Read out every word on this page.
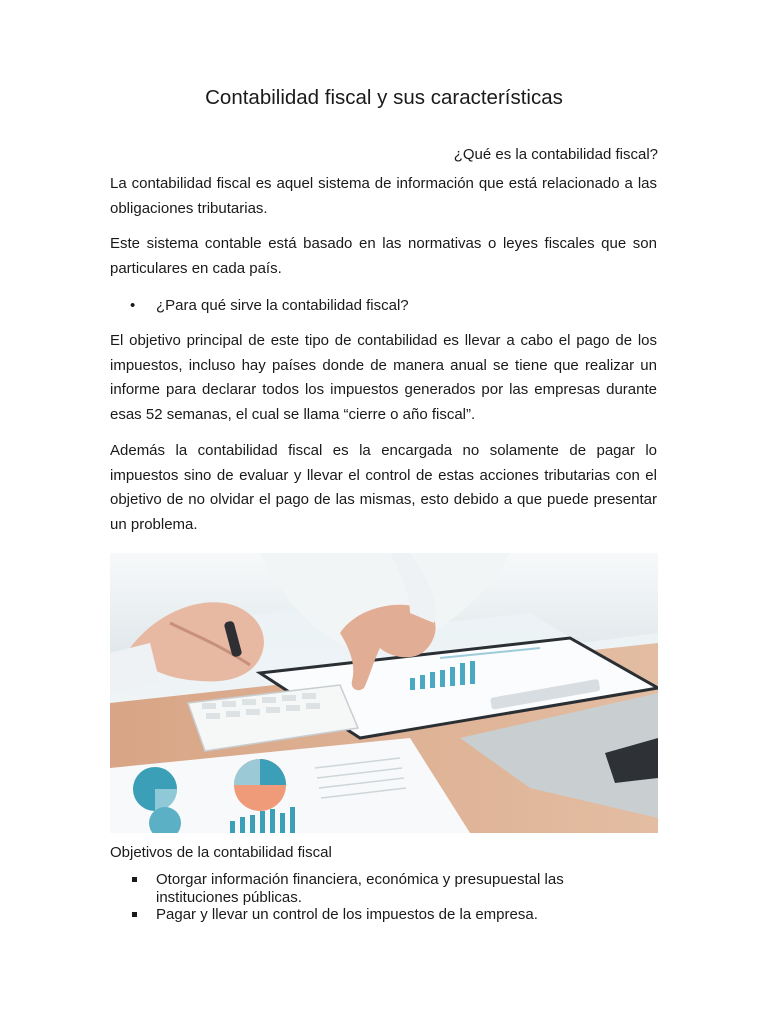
Contabilidad fiscal y sus características
¿Qué es la contabilidad fiscal?
La contabilidad fiscal es aquel sistema de información que está relacionado a las obligaciones tributarias.
Este sistema contable está basado en las normativas o leyes fiscales que son particulares en cada país.
• ¿Para qué sirve la contabilidad fiscal?
El objetivo principal de este tipo de contabilidad es llevar a cabo el pago de los impuestos, incluso hay países donde de manera anual se tiene que realizar un informe para declarar todos los impuestos generados por las empresas durante esas 52 semanas, el cual se llama “cierre o año fiscal”.
Además la contabilidad fiscal es la encargada no solamente de pagar lo impuestos sino de evaluar y llevar el control de estas acciones tributarias con el objetivo de no olvidar el pago de las mismas, esto debido a que puede presentar un problema.
Objetivos de la contabilidad fiscal
Otorgar información financiera, económica y presupuestal las instituciones públicas.
Pagar y llevar un control de los impuestos de la empresa.
